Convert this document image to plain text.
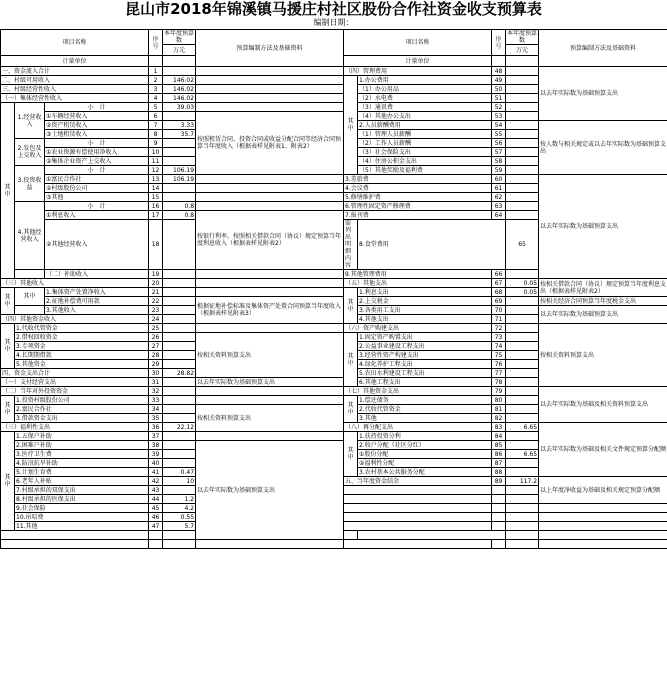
昆山市2018年锦溪镇马援庄村社区股份合作社资金收支预算表
编制日期：
项目名称			序号	本年度预算数	预算编制方法及基础资料	项目名称		序号	本年度预算数	预算编制方法及基础资料	
				万元					万元		
计量单位						计量单位					
一、资金流入合计			1			（四）管理费用		48		以去年实际数为基础预算支出	
二、村级可用收入			2	146.02		其中	1.办公费用	49			
三、村级经营性收入			3	146.02			（1）办公用品	50			
（一）集体经营性收入			4	146.02			（2）水电费	51			
其中	1.经营收入	小　计	5	39.03			（3）通讯费	52			
		①车辆经营收入	6		按照租赁合同、投资合同或收益分配合同等经济合同预算当年度收入（根据表样见附表1、附表2）		（4）其他办公支出	53			
		②资产租赁收入	7	3.33			2.人员薪酬费用	54		按人数与相关规定或以去年实际数为基础预算支出	
		③土地租赁收入	8	35.7			（1）管理人员薪酬	55			
	2.发包及上交收入	小　计	9				（2）工作人员薪酬	56			
		①农业资源有偿使用净收入	10				（3）社会保险支出	57			
		②集体企业资产上交收入	11				（4）住房公积金支出	58			
	3.投资收益	小　计	12	106.19			（5）其他奖励及福利费	59			
		①富民合作社	13	106.19		3.差旅费		60		以去年实际数为基础预算支出	
		②村级股份公司	14			4.会议费		61			
		③其他	15			5.修缮维护费		62			
	4.其他经营收入	小　计	16	0.8		6.管理性固定资产修理费		63			
		①利息收入	17	0.8	按银行利率、按照相关借款合同（协议）规定预算当年度利息收入（根据表样见附表2）	7.报刊费		64			
		②其他经营收入	18			需列出明细内容	8.食堂费用		65		
		（二）补助收入	19			9.其他管理费用		66			
（三）其他收入			20			（五）其他支出		67	0.05	按相关借款合同（协议）规定预算当年度利息支出（根据表样见附表2）	
其中	其中	1.集体资产处置净收入	21			其中	1.利息支出	68	0.05		
		2.征地补偿费可用款	22		根据征地补偿标准及集体资产处置合同预算当年度收入（根据表样见附表3）		2.上交税金	69		按相关经济合同预算当年度税金支出	
		3.其他收入	23				3.各类用工支出	70		以去年实际数为基础预算支出	
（四）其他资金收入			24				4.其他支出	71			
其中	1.代收代管资金		25			（六）资产购建支出		72		按相关资料预算支出	
	2.借权回收资金		26		按相关资料预算支出	其中	1.固定资产购置支出	73			
	3.专项资金		27				2.公益事业建设工程支出	74			
	4.长期期借款		28				3.经营性资产构建支出	75			
	5.其他资金		29				4.绿化养护工程支出	76			
四、资金支出合计			30	28.82			5.农田水利建设工程支出	77			
（一）支付经营支出			31		以去年实际数为基础预算支出		6.其他工程支出	78			
（二）当年对外投资资金			32			（七）其他资金支出		79		以去年实际数为基础及相关资料预算支出	
其中	1.投资村级股份公司		33			其中	1.偿还债务	80			
	2.富民合作社		34		按相关资料预算支出		2.代收代管资金	81			
	3.借款资金支出		35				3.其他	82			
（三）福利性支出			36	22.12		（八）再分配支出		83	6.65	以去年实际数为基础及相关文件规定预算分配额	
其中	1.五保户补助		37			其中	1.扶持投资分利	84			
	2.困难户补助		38		以去年实际数为基础预算支出		2.收户分配（社区分红）	85			
	3.医疗卫生费		39				①股份分配	86	6.65		
	4.防汛抗旱补助		40				②福利性分配	87			
	5.计划生育费		41	0.47			3.农村基本公共服务分配	88			
	6.老年人补贴		42	10		五、当年度资金结余		89	117.2	以上年度净收益为基础及相关规定预算分配额	
	7.村级承担的双保支出		43								
	8.村级承担的医保支出		44	1.2							
	9.社会保险		45	4.2							
	10.吊唁费		46	0.55							
	11.其他		47	5.7							
